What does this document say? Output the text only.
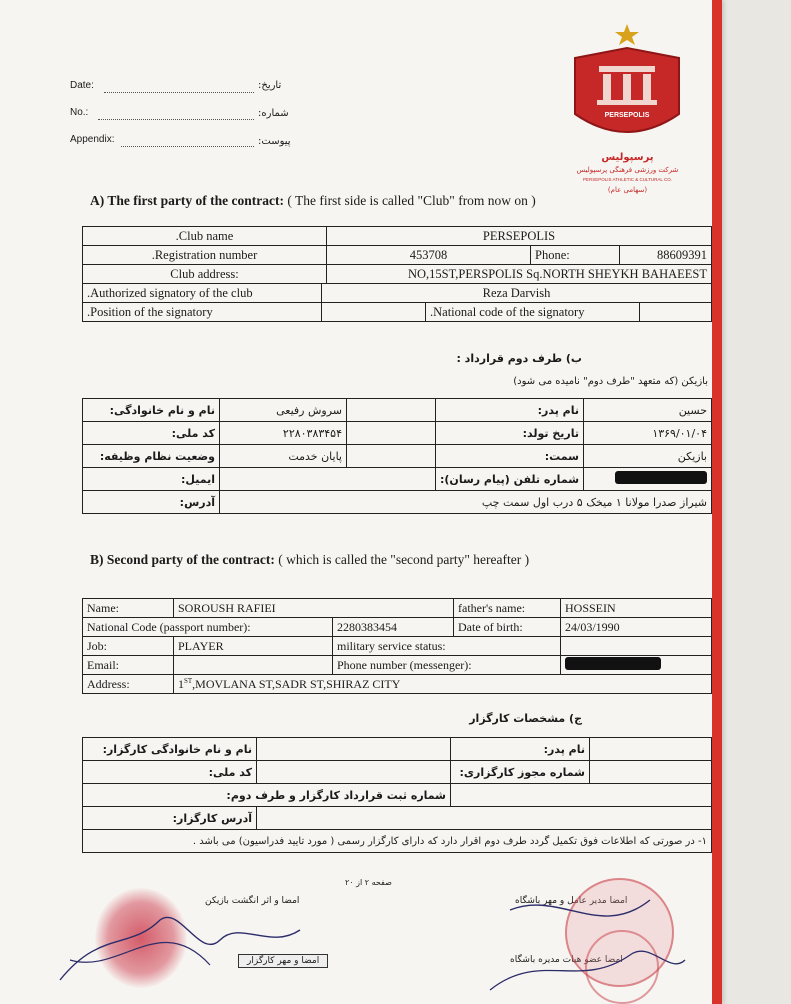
Date:	تاریخ:
No.:	شماره:
Appendix:	پیوست:
PERSEPOLIS
پرسپولیس
شرکت ورزشی فرهنگی پرسپولیس
PERSEPOLIS ATHLETIC & CULTURAL CO.
(سهامی عام)
A) The first party of the contract: ( The first side is called "Club" from now on )
.Club name	PERSEPOLIS		
.Registration number	453708	Phone:	88609391
Club address:	NO,15ST,PERSPOLIS Sq.NORTH SHEYKH BAHAEEST		
.Authorized signatory of the club	Reza Darvish		
.Position of the signatory		.National code of the signatory	
ب) طرف دوم قرارداد :
بازیکن (که متعهد "طرف دوم" نامیده می شود)
نام و نام خانوادگی:	سروش رفیعی		نام پدر:	حسین
کد ملی:	۲۲۸۰۳۸۳۴۵۴		تاریخ تولد:	۱۳۶۹/۰۱/۰۴
وضعیت نظام وظیفه:	پایان خدمت		سمت:	بازیکن
ایمیل:			شماره تلفن (پیام رسان):	
آدرس:	شیراز صدرا مولانا ۱ میخک ۵ درب اول سمت چپ			
B) Second party of the contract: ( which is called the "second party" hereafter )
Name:	SOROUSH RAFIEI		father's name:	HOSSEIN
National Code (passport number):		2280383454	Date of birth:	24/03/1990
Job:	PLAYER	military service status:		
Email:		Phone number (messenger):		
Address:	1ST,MOVLANA ST,SADR ST,SHIRAZ CITY			
ج) مشخصات کارگزار
نام و نام خانوادگی کارگزار:		نام پدر:	
کد ملی:		شماره مجوز کارگزاری:	
شماره ثبت قرارداد کارگزار و طرف دوم:			
آدرس کارگزار:			
۱- در صورتی که اطلاعات فوق تکمیل گردد طرف دوم اقرار دارد که دارای کارگزار رسمی ( مورد تایید فدراسیون) می باشد .			
صفحه ۲ از ۲۰
امضا و اثر انگشت بازیکن	امضا مدیر عامل و مهر باشگاه
امضا و مهر کارگزار	امضا عضو هیات مدیره باشگاه
